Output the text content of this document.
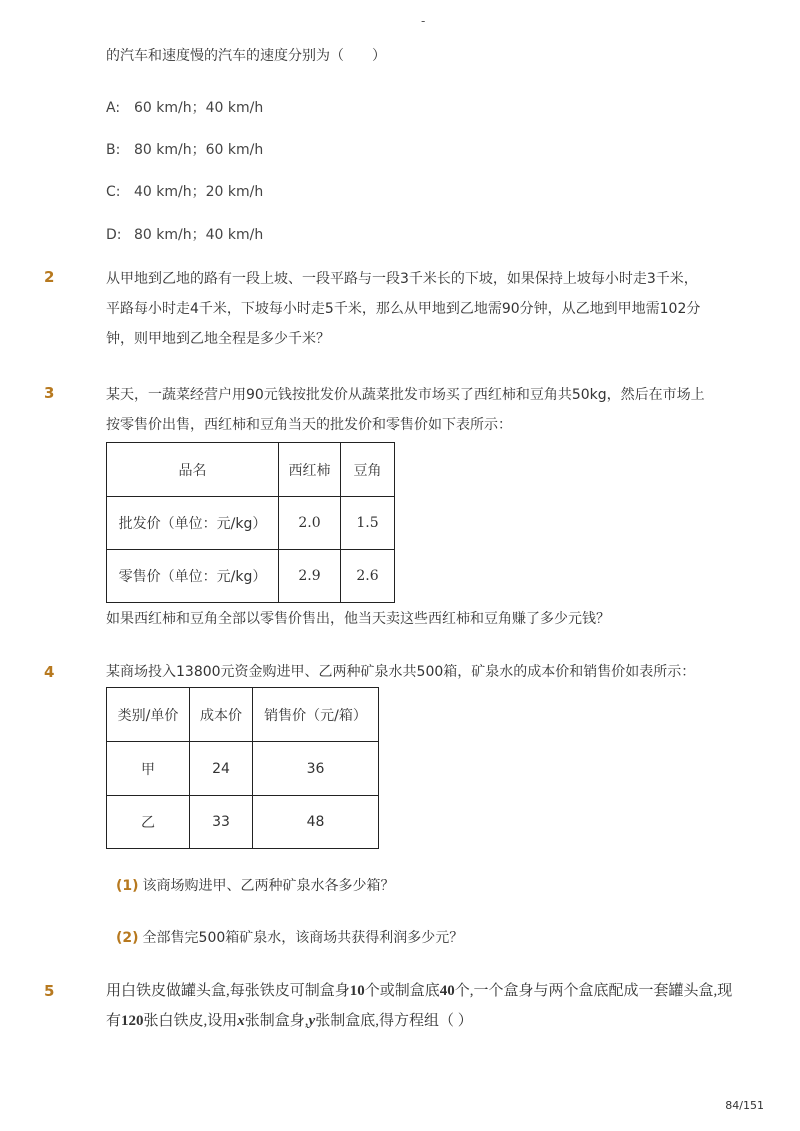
-
的汽车和速度慢的汽车的速度分别为（　　）
A: 60 km/h；40 km/h
B: 80 km/h；60 km/h
C: 40 km/h；20 km/h
D: 80 km/h；40 km/h
2	从甲地到乙地的路有一段上坡、一段平路与一段3千米长的下坡，如果保持上坡每小时走3千米，
平路每小时走4千米，下坡每小时走5千米，那么从甲地到乙地需90分钟，从乙地到甲地需102分
钟，则甲地到乙地全程是多少千米？
3	某天，一蔬菜经营户用90元钱按批发价从蔬菜批发市场买了西红柿和豆角共50kg，然后在市场上
按零售价出售，西红柿和豆角当天的批发价和零售价如下表所示：
品名	西红柿	豆角
批发价（单位：元/kg）	2.0	1.5
零售价（单位：元/kg）	2.9	2.6
如果西红柿和豆角全部以零售价售出，他当天卖这些西红柿和豆角赚了多少元钱？
4	某商场投入13800元资金购进甲、乙两种矿泉水共500箱，矿泉水的成本价和销售价如表所示：
类别/单价	成本价	销售价（元/箱）
甲	24	36
乙	33	48
(1) 该商场购进甲、乙两种矿泉水各多少箱？
(2) 全部售完500箱矿泉水，该商场共获得利润多少元？
5	用白铁皮做罐头盒,每张铁皮可制盒身10个或制盒底40个,一个盒身与两个盒底配成一套罐头盒,现
有120张白铁皮,设用x张制盒身,y张制盒底,得方程组（ ）
84/151
